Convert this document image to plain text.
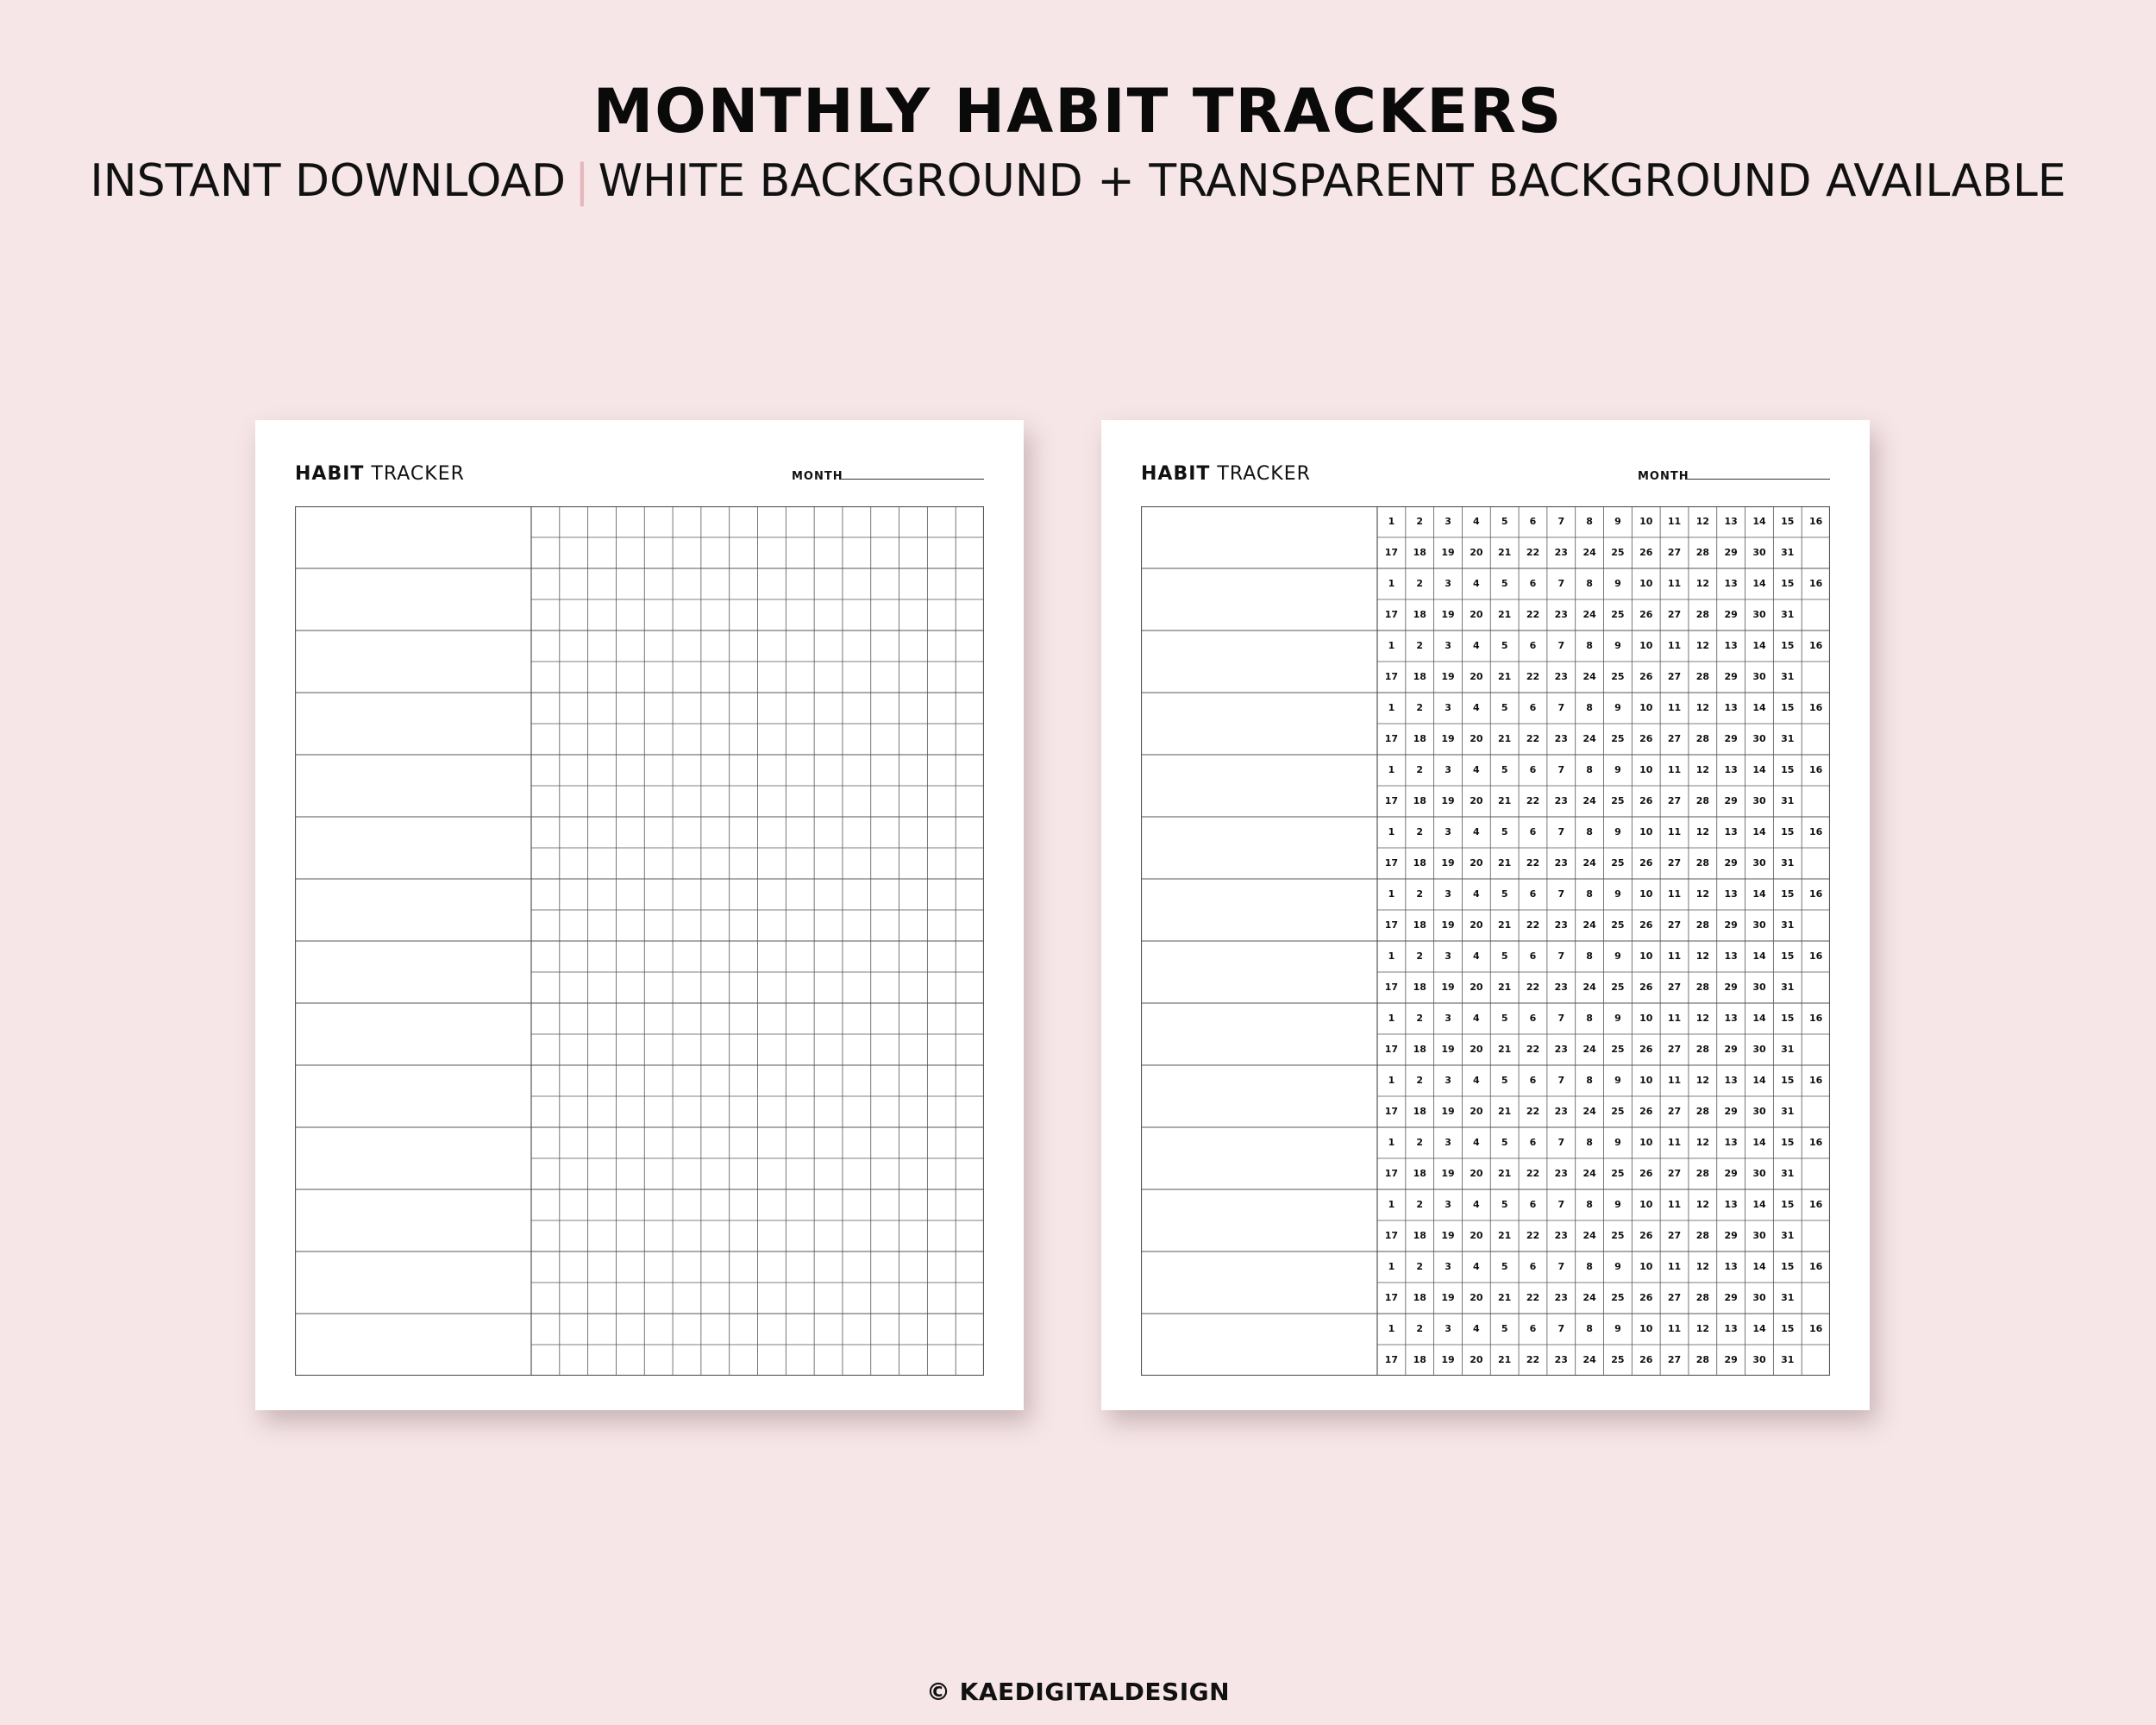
MONTHLY HABIT TRACKERS
INSTANT DOWNLOAD | WHITE BACKGROUND + TRANSPARENT BACKGROUND AVAILABLE
HABIT TRACKER	MONTH	HABIT TRACKER	MONTH
1	2	3	4	5	6	7	8	9	10	11	12	13	14	15	16
17	18	19	20	21	22	23	24	25	26	27	28	29	30	31
1	2	3	4	5	6	7	8	9	10	11	12	13	14	15	16
17	18	19	20	21	22	23	24	25	26	27	28	29	30	31
1	2	3	4	5	6	7	8	9	10	11	12	13	14	15	16
17	18	19	20	21	22	23	24	25	26	27	28	29	30	31
1	2	3	4	5	6	7	8	9	10	11	12	13	14	15	16
17	18	19	20	21	22	23	24	25	26	27	28	29	30	31
1	2	3	4	5	6	7	8	9	10	11	12	13	14	15	16
17	18	19	20	21	22	23	24	25	26	27	28	29	30	31
1	2	3	4	5	6	7	8	9	10	11	12	13	14	15	16
17	18	19	20	21	22	23	24	25	26	27	28	29	30	31
1	2	3	4	5	6	7	8	9	10	11	12	13	14	15	16
17	18	19	20	21	22	23	24	25	26	27	28	29	30	31
1	2	3	4	5	6	7	8	9	10	11	12	13	14	15	16
17	18	19	20	21	22	23	24	25	26	27	28	29	30	31
1	2	3	4	5	6	7	8	9	10	11	12	13	14	15	16
17	18	19	20	21	22	23	24	25	26	27	28	29	30	31
1	2	3	4	5	6	7	8	9	10	11	12	13	14	15	16
17	18	19	20	21	22	23	24	25	26	27	28	29	30	31
1	2	3	4	5	6	7	8	9	10	11	12	13	14	15	16
17	18	19	20	21	22	23	24	25	26	27	28	29	30	31
1	2	3	4	5	6	7	8	9	10	11	12	13	14	15	16
17	18	19	20	21	22	23	24	25	26	27	28	29	30	31
1	2	3	4	5	6	7	8	9	10	11	12	13	14	15	16
17	18	19	20	21	22	23	24	25	26	27	28	29	30	31
1	2	3	4	5	6	7	8	9	10	11	12	13	14	15	16
17	18	19	20	21	22	23	24	25	26	27	28	29	30	31
© KAEDIGITALDESIGN
